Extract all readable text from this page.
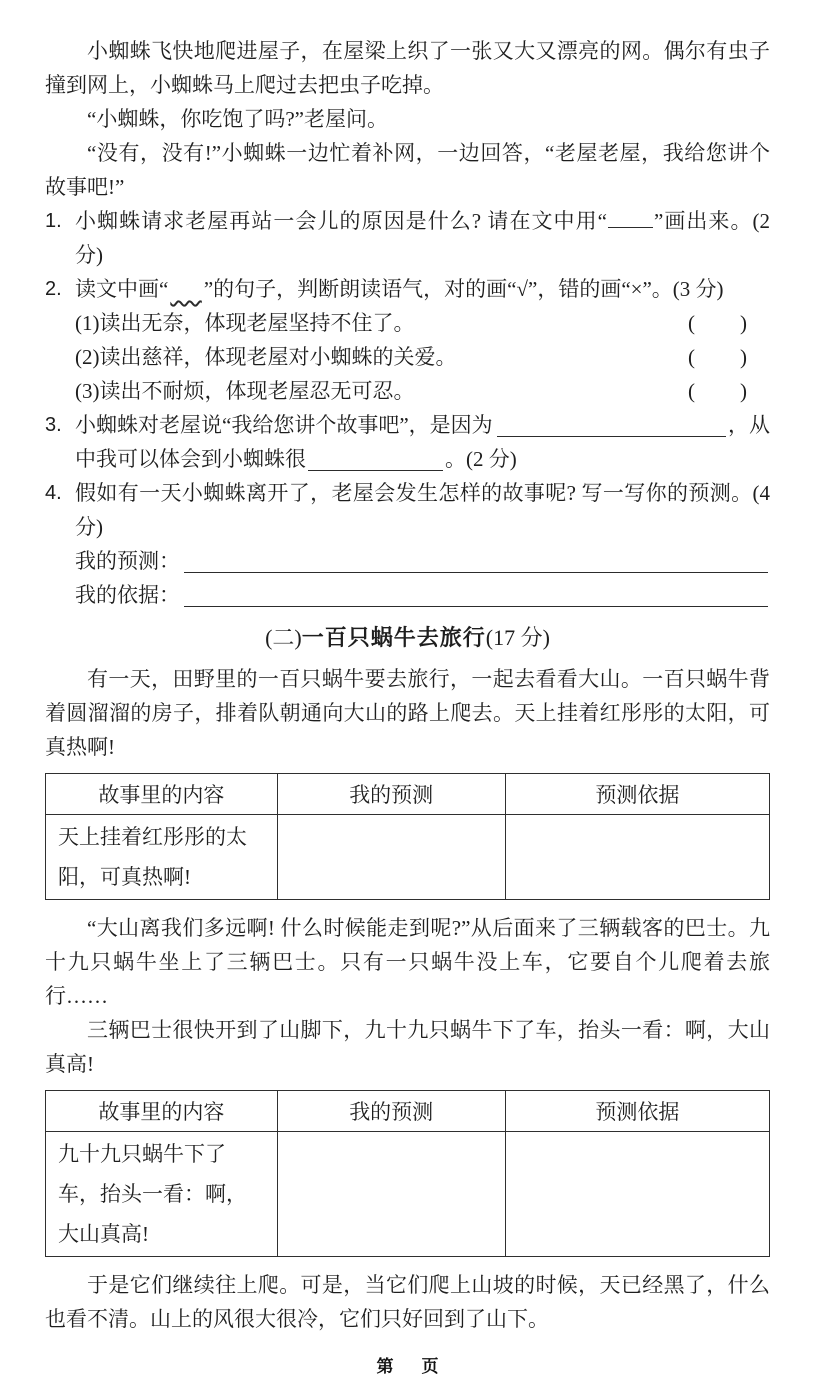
小蜘蛛飞快地爬进屋子，在屋梁上织了一张又大又漂亮的网。偶尔有虫子撞到网上，小蜘蛛马上爬过去把虫子吃掉。

“小蜘蛛，你吃饱了吗?”老屋问。

“没有，没有!”小蜘蛛一边忙着补网，一边回答，“老屋老屋，我给您讲个故事吧!”

1. 小蜘蛛请求老屋再站一会儿的原因是什么? 请在文中用“ ”画出来。(2 分)
2. 读文中画“ ”的句子，判断朗读语气，对的画“√”，错的画“×”。(3 分)
(1)读出无奈，体现老屋坚持不住了。	(　　)
(2)读出慈祥，体现老屋对小蜘蛛的关爱。	(　　)
(3)读出不耐烦，体现老屋忍无可忍。	(　　)
3. 小蜘蛛对老屋说“我给您讲个故事吧”，是因为	，从
中我可以体会到小蜘蛛很	。(2 分)
4. 假如有一天小蜘蛛离开了，老屋会发生怎样的故事呢? 写一写你的预测。(4 分)
我的预测：
我的依据：
(二)一百只蜗牛去旅行(17 分)

有一天，田野里的一百只蜗牛要去旅行，一起去看看大山。一百只蜗牛背着圆溜溜的房子，排着队朝通向大山的路上爬去。天上挂着红彤彤的太阳，可真热啊!

故事里的内容	我的预测	预测依据
天上挂着红彤彤的太阳，可真热啊!		

“大山离我们多远啊! 什么时候能走到呢?”从后面来了三辆载客的巴士。九十九只蜗牛坐上了三辆巴士。只有一只蜗牛没上车，它要自个儿爬着去旅行……

三辆巴士很快开到了山脚下，九十九只蜗牛下了车，抬头一看：啊，大山真高!

故事里的内容	我的预测	预测依据
九十九只蜗牛下了车，抬头一看：啊，大山真高!		

于是它们继续往上爬。可是，当它们爬上山坡的时候，天已经黑了，什么也看不清。山上的风很大很冷，它们只好回到了山下。

第 页
